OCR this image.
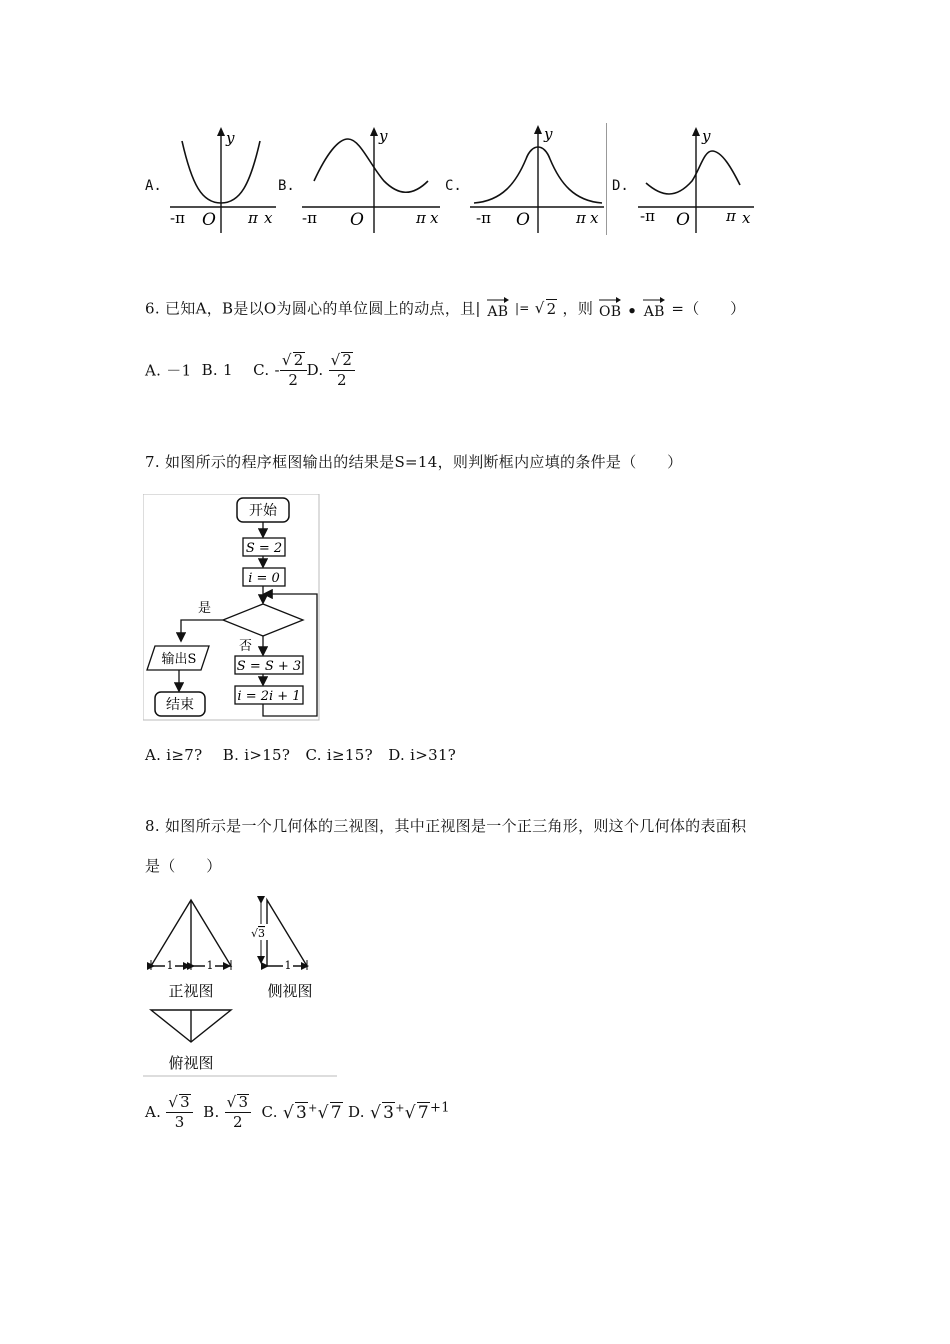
A.	B.	C.	D.
y
-π O π x
y
-π O	π x
y
-π O	π x
y
-π O π x
6. 已知A，B是以O为圆心的单位圆上的动点，且| AB |= √ 2 ，则 OB • AB =（　　）
A. －1 B. 1 C. - $\frac{√ 2}{2} D$. $\frac{√ 2}{2}$
7. 如图所示的程序框图输出的结果是S=14，则判断框内应填的条件是（　　）
开始
S = 2
i = 0
是
否
输出S
结束
S = S + 3
i = 2i + 1
A. i≥7?　 B. i>15?　C. i≥15?　D. i>31?
8. 如图所示是一个几何体的三视图，其中正视图是一个正三角形，则这个几何体的表面积
是（　　）
1	1
正视图
√3
1
侧视图
俯视图
A. $\frac{√ 3}{3} B$. $\frac{√ 3}{2} C$. √ 3+√ 7 D. √ 3+√ $7^{+1}$
